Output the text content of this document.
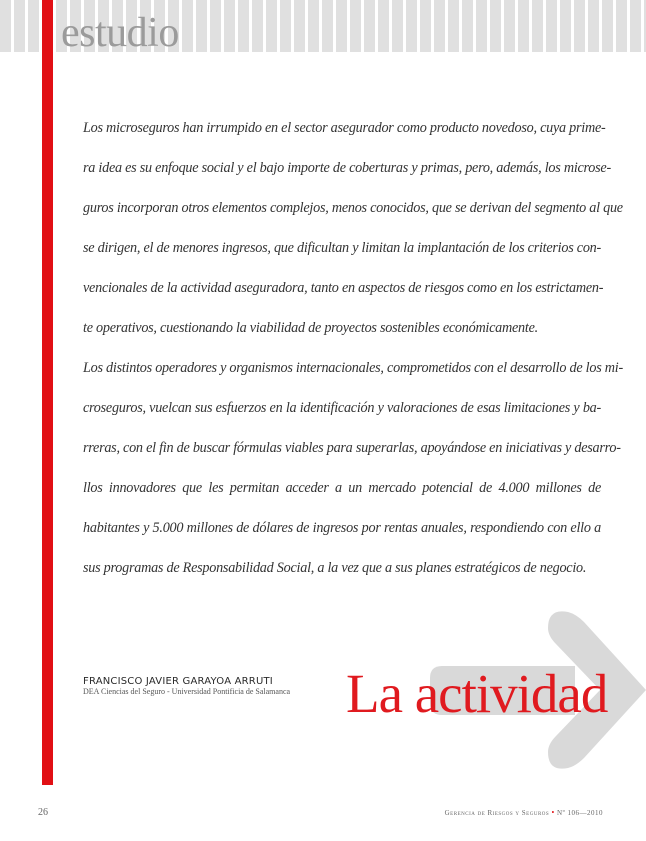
estudio

Los microseguros han irrumpido en el sector asegurador como producto novedoso, cuya prime-
ra idea es su enfoque social y el bajo importe de coberturas y primas, pero, además, los microse-
guros incorporan otros elementos complejos, menos conocidos, que se derivan del segmento al que
se dirigen, el de menores ingresos, que dificultan y limitan la implantación de los criterios con-
vencionales de la actividad aseguradora, tanto en aspectos de riesgos como en los estrictamen-
te operativos, cuestionando la viabilidad de proyectos sostenibles económicamente.

Los distintos operadores y organismos internacionales, comprometidos con el desarrollo de los mi-
croseguros, vuelcan sus esfuerzos en la identificación y valoraciones de esas limitaciones y ba-
rreras, con el fin de buscar fórmulas viables para superarlas, apoyándose en iniciativas y desarro-
llos innovadores que les permitan acceder a un mercado potencial de 4.000 millones de
habitantes y 5.000 millones de dólares de ingresos por rentas anuales, respondiendo con ello a
sus programas de Responsabilidad Social, a la vez que a sus planes estratégicos de negocio.

FRANCISCO JAVIER GARAYOA ARRUTI
DEA Ciencias del Seguro - Universidad Pontificia de Salamanca La actividad
26	Gerencia de Riesgos y Seguros • Nº 106—2010
